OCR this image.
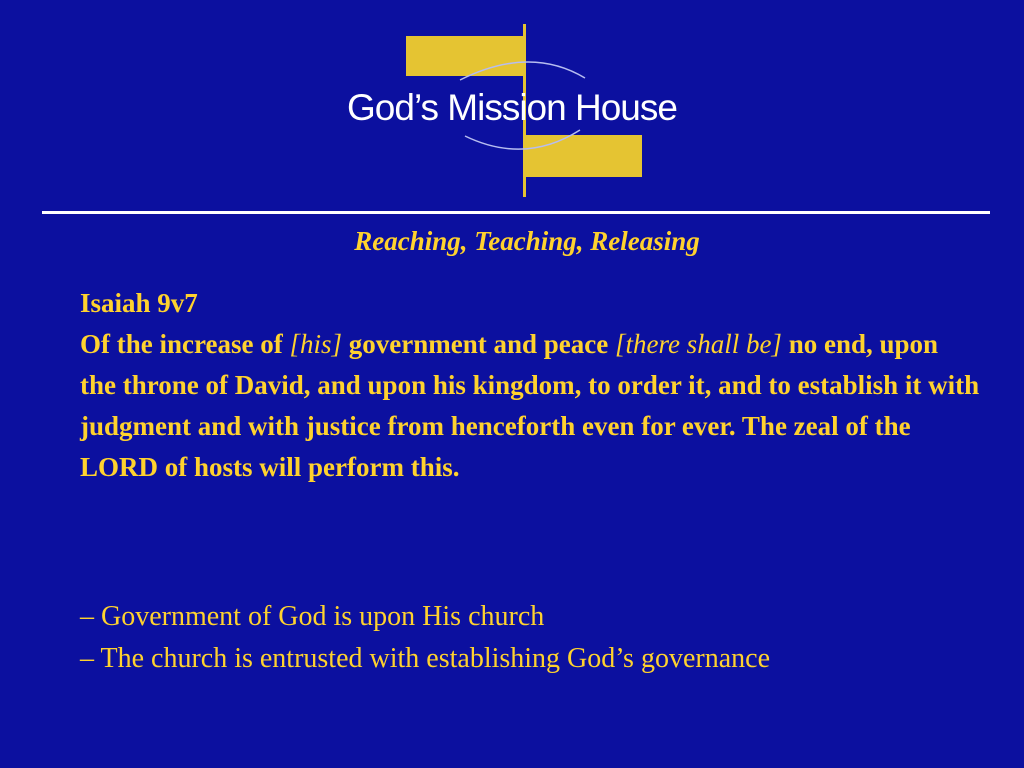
God’s Mission House
Reaching, Teaching, Releasing
Isaiah 9v7
Of the increase of [his] government and peace [there shall be] no end, upon the throne of David, and upon his kingdom, to order it, and to establish it with judgment and with justice from henceforth even for ever. The zeal of the LORD of hosts will perform this.
– Government of God is upon His church
– The church is entrusted with establishing God’s governance
